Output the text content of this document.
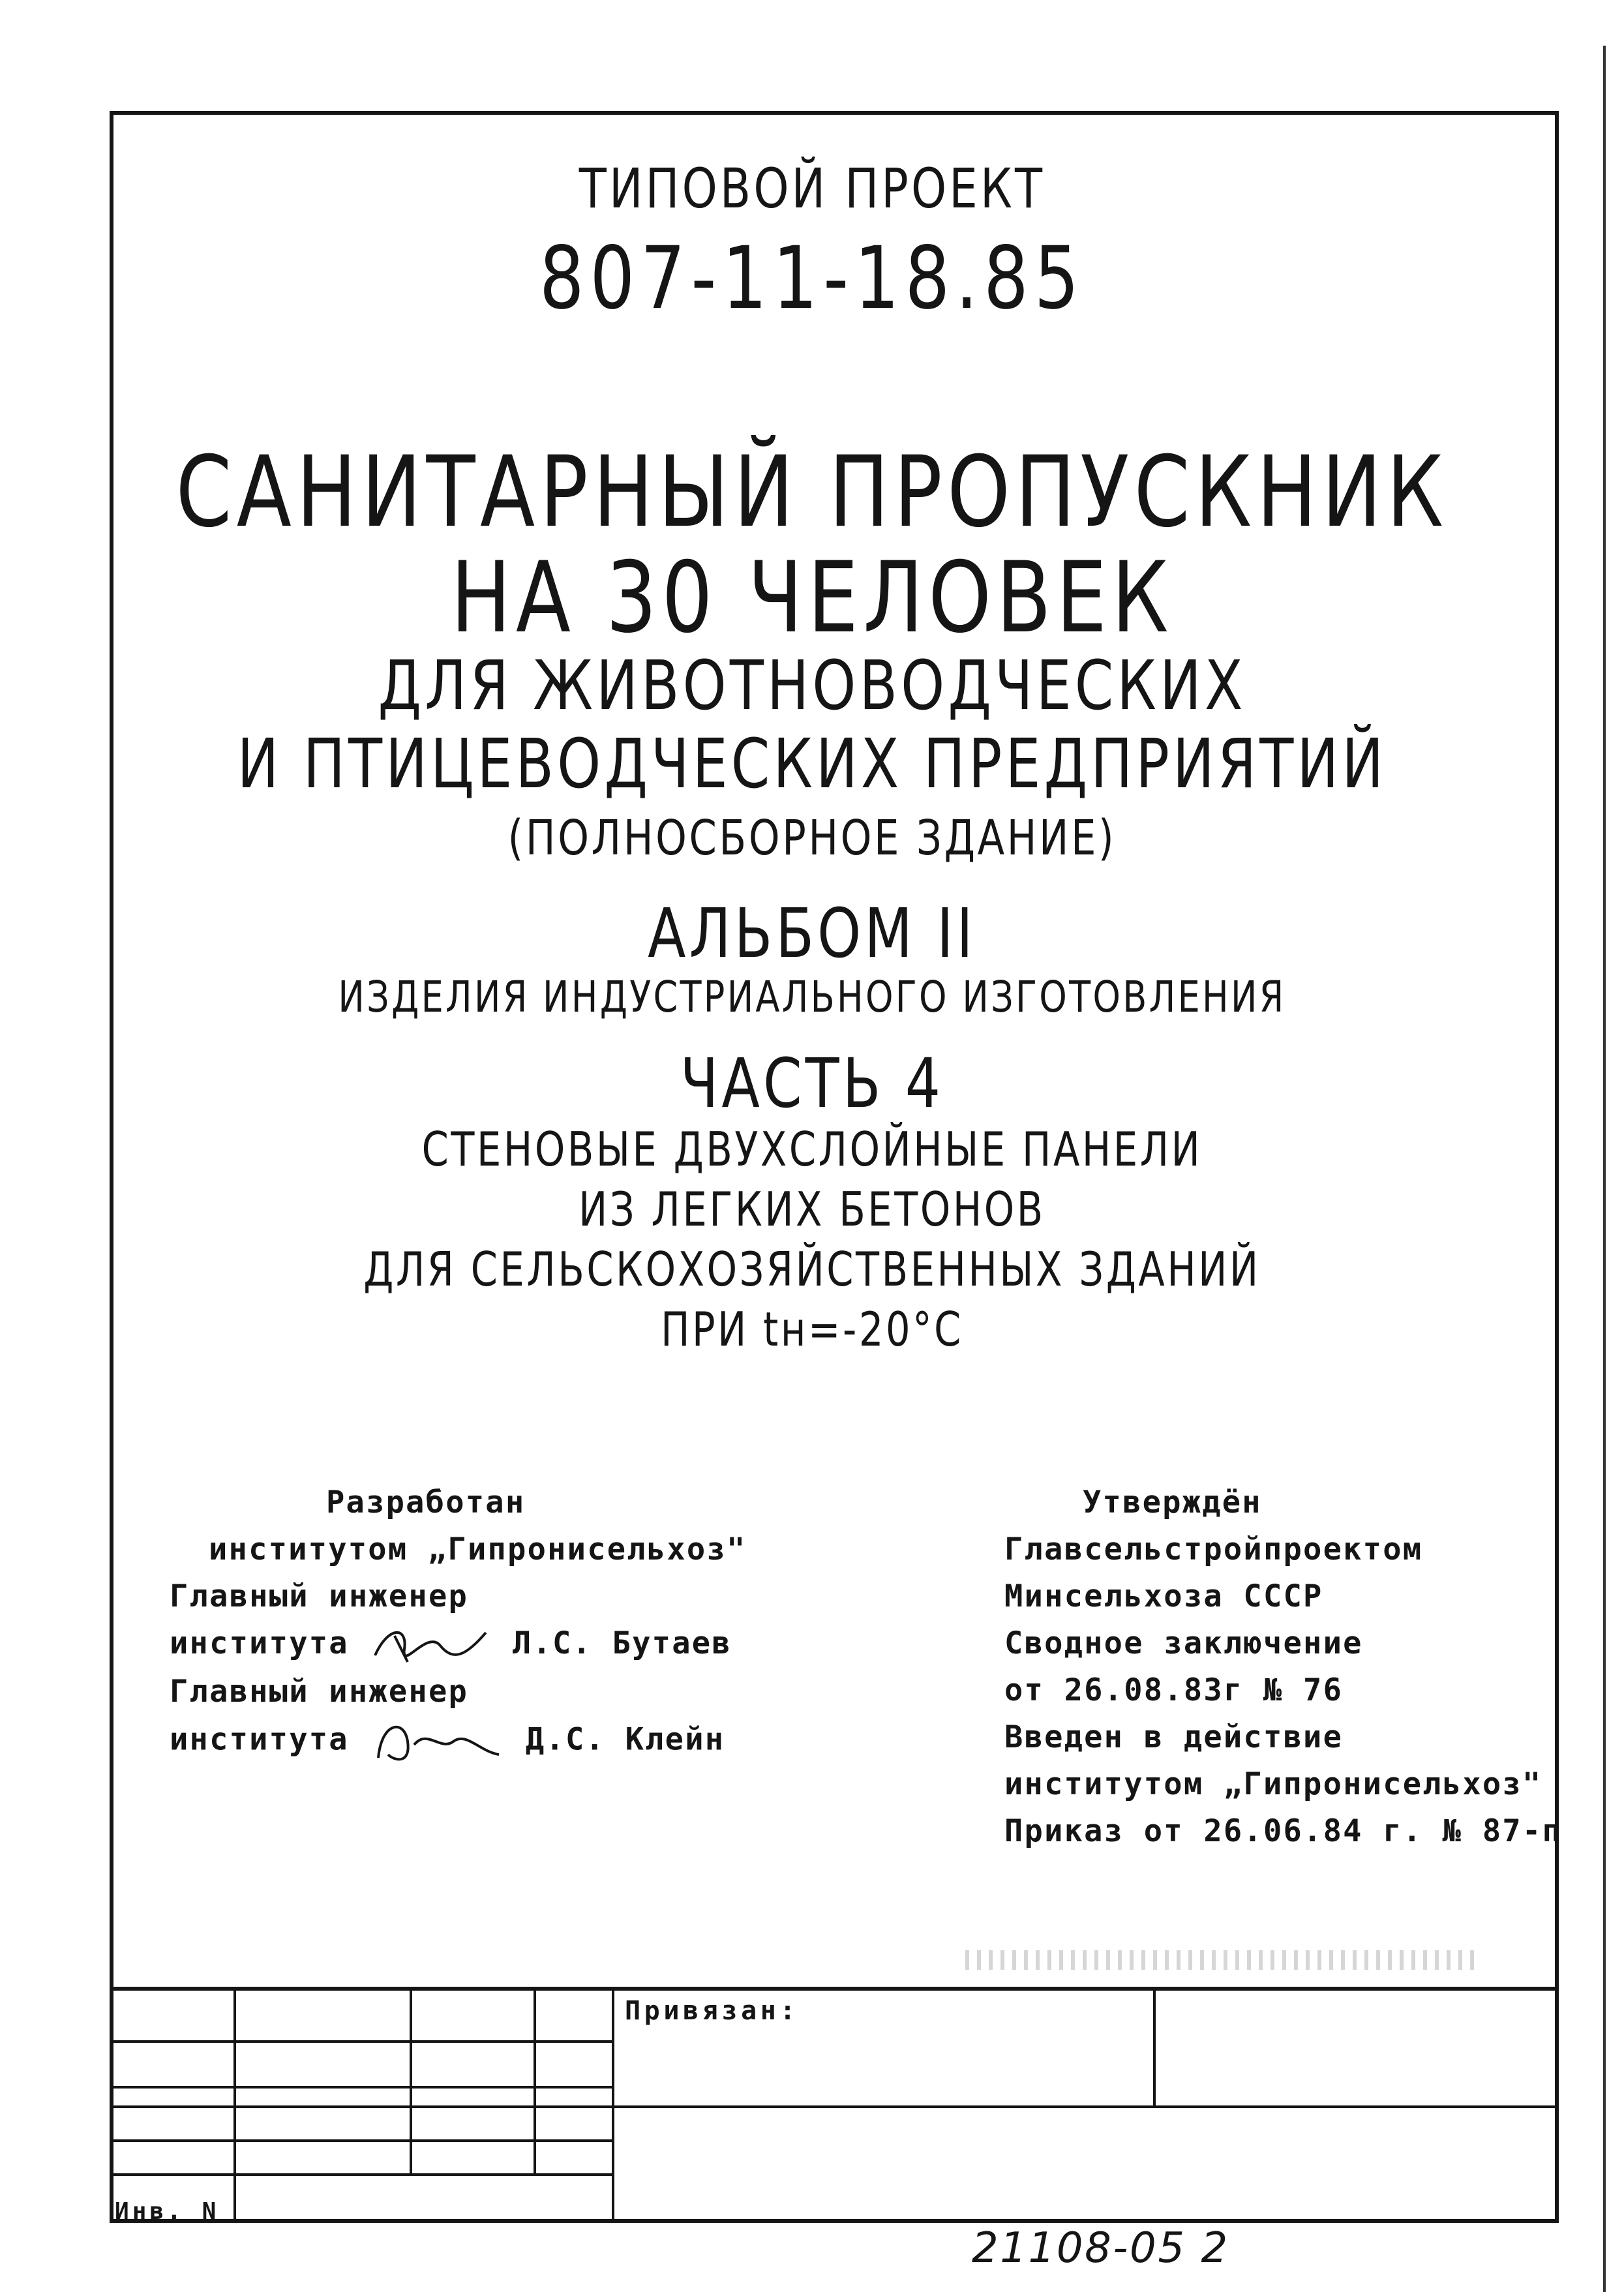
ТИПОВОЙ ПРОЕКТ
807-11-18.85
САНИТАРНЫЙ ПРОПУСКНИК
НА 30 ЧЕЛОВЕК
ДЛЯ ЖИВОТНОВОДЧЕСКИХ
И ПТИЦЕВОДЧЕСКИХ ПРЕДПРИЯТИЙ
(ПОЛНОСБОРНОЕ ЗДАНИЕ)
АЛЬБОМ II
ИЗДЕЛИЯ ИНДУСТРИАЛЬНОГО ИЗГОТОВЛЕНИЯ
ЧАСТЬ 4
СТЕНОВЫЕ ДВУХСЛОЙНЫЕ ПАНЕЛИ
ИЗ ЛЕГКИХ БЕТОНОВ
ДЛЯ СЕЛЬСКОХОЗЯЙСТВЕННЫХ ЗДАНИЙ
ПРИ tн=-20°С
Разработан
институтом „Гипронисельхоз"
Главный инженер
института	Л.С. Бутаев
Главный инженер
института	Д.С. Клейн
Утверждён
Главсельстройпроектом
Минсельхоза СССР
Сводное заключение
от 26.08.83г № 76
Введен в действие
институтом „Гипронисельхоз"
Приказ от 26.06.84 г. № 87-п
Привязан:
Инв. N
21108-05 2
